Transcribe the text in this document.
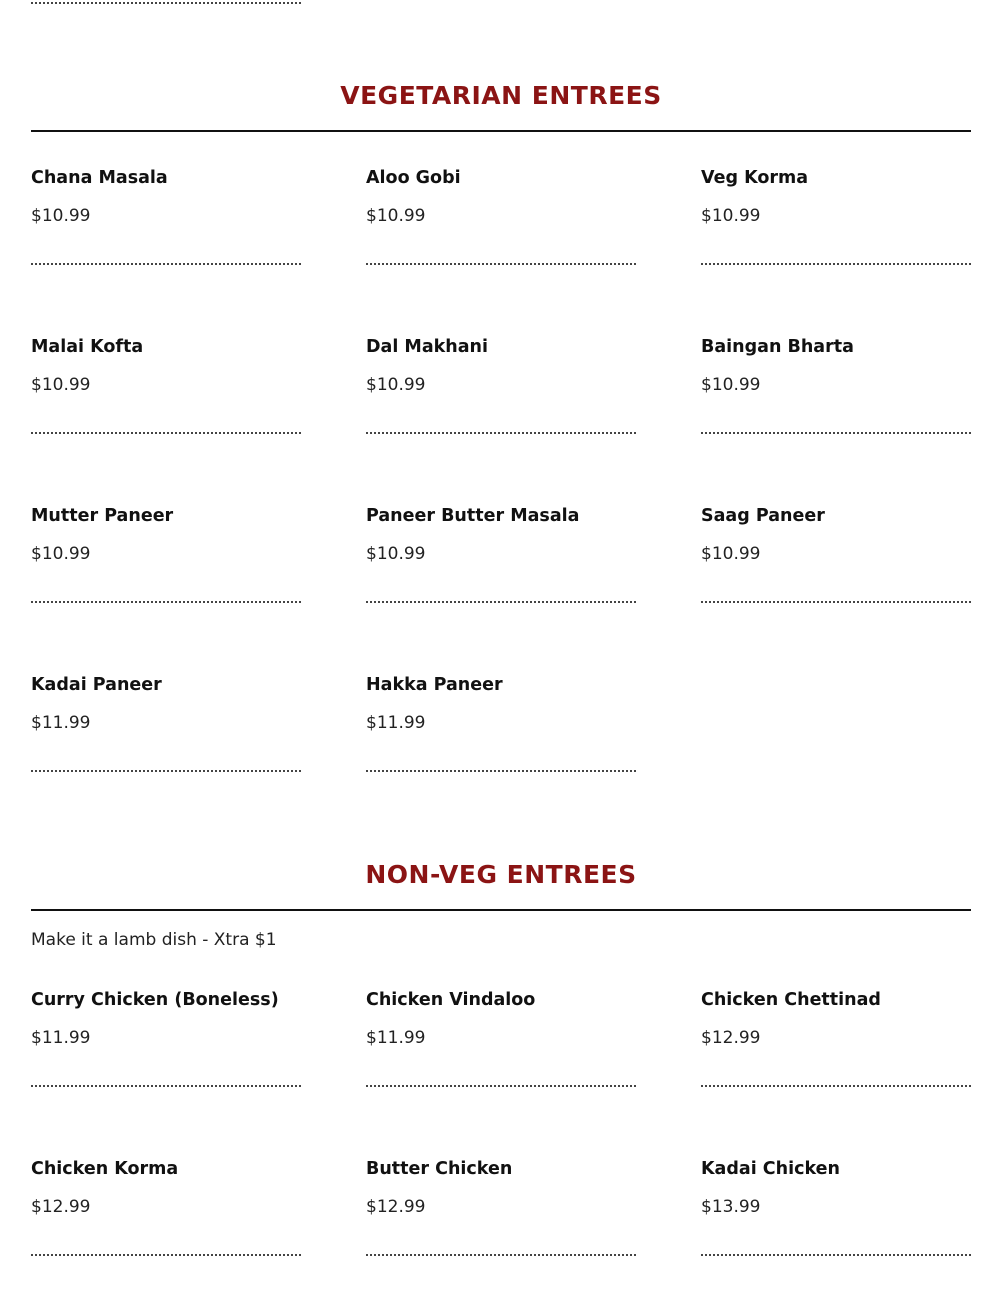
VEGETARIAN ENTREES
Chana Masala
$10.99
Aloo Gobi
$10.99
Veg Korma
$10.99
Malai Kofta
$10.99
Dal Makhani
$10.99
Baingan Bharta
$10.99
Mutter Paneer
$10.99
Paneer Butter Masala
$10.99
Saag Paneer
$10.99
Kadai Paneer
$11.99
Hakka Paneer
$11.99
NON-VEG ENTREES
Make it a lamb dish - Xtra $1
Curry Chicken (Boneless)
$11.99
Chicken Vindaloo
$11.99
Chicken Chettinad
$12.99
Chicken Korma
$12.99
Butter Chicken
$12.99
Kadai Chicken
$13.99
